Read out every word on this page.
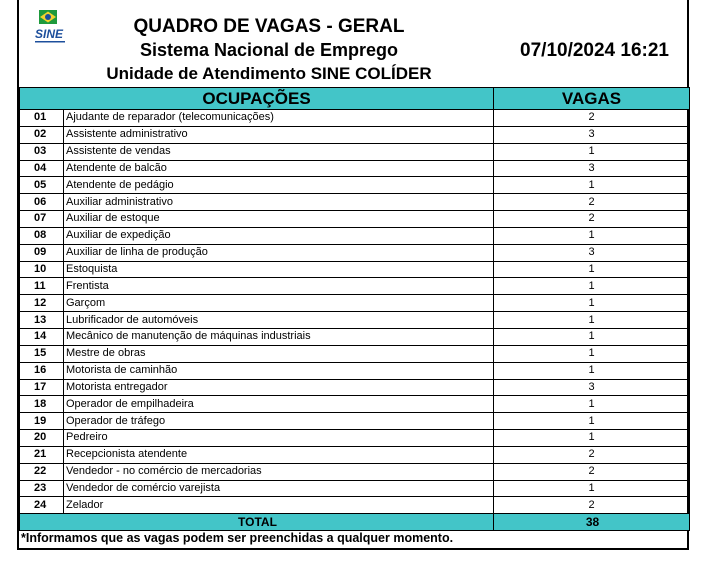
SINE	QUADRO DE VAGAS - GERAL
Sistema Nacional de Emprego
Unidade de Atendimento SINE COLÍDER
07/10/2024 16:21
OCUPAÇÕES		VAGAS
01	Ajudante de reparador (telecomunicações)	2
02	Assistente administrativo	3
03	Assistente de vendas	1
04	Atendente de balcão	3
05	Atendente de pedágio	1
06	Auxiliar administrativo	2
07	Auxiliar de estoque	2
08	Auxiliar de expedição	1
09	Auxiliar de linha de produção	3
10	Estoquista	1
11	Frentista	1
12	Garçom	1
13	Lubrificador de automóveis	1
14	Mecânico de manutenção de máquinas industriais	1
15	Mestre de obras	1
16	Motorista de caminhão	1
17	Motorista entregador	3
18	Operador de empilhadeira	1
19	Operador de tráfego	1
20	Pedreiro	1
21	Recepcionista atendente	2
22	Vendedor - no comércio de mercadorias	2
23	Vendedor de comércio varejista	1
24	Zelador	2
TOTAL		38
*Informamos que as vagas podem ser preenchidas a qualquer momento.
